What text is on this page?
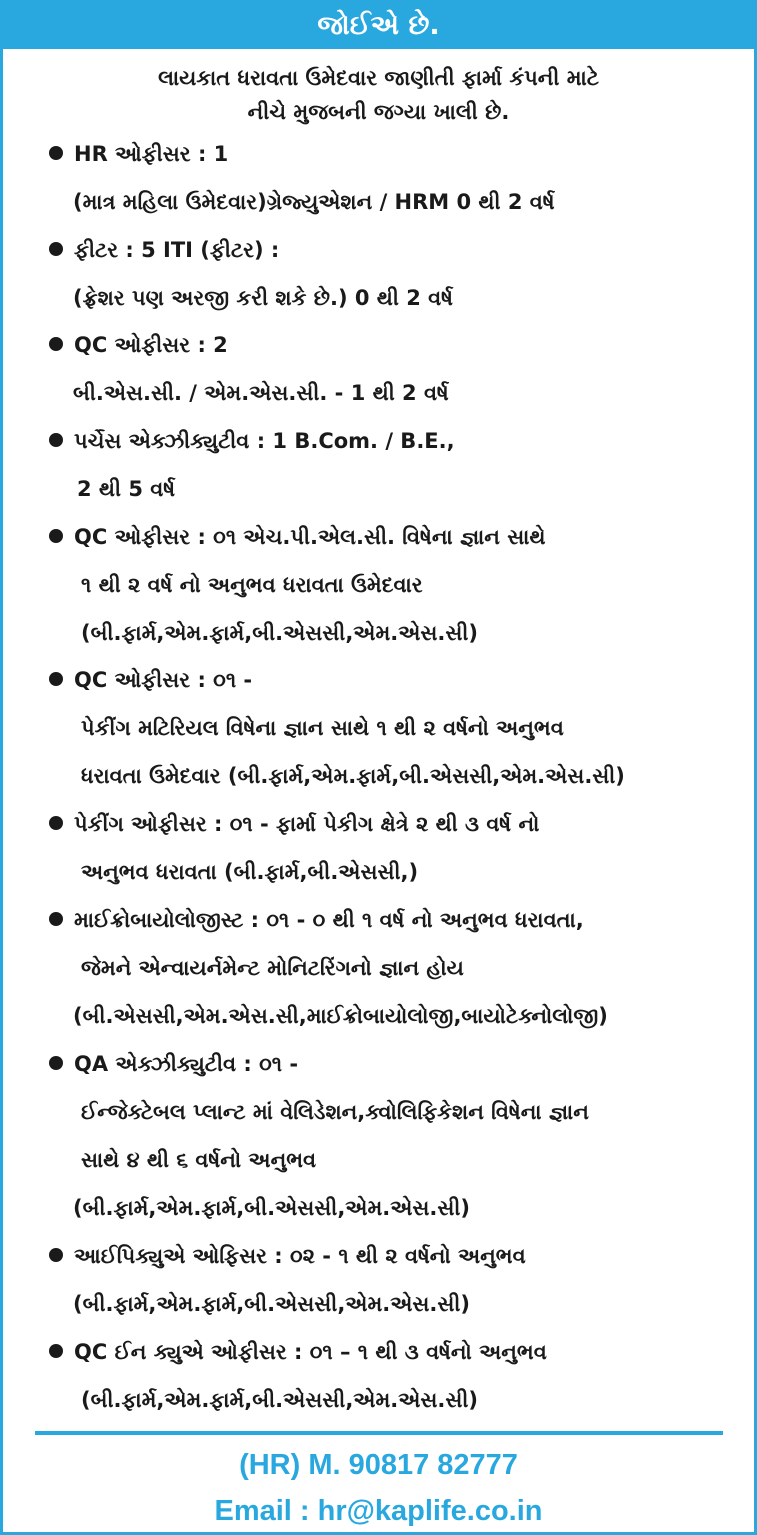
જોઈએ છે.
લાયકાત ધરાવતા ઉમેદવાર જાણીતી ફાર્મા કંપની માટે
નીચે મુજબની જગ્યા ખાલી છે.
HR ઓફીસર : 1
(માત્ર મહિલા ઉમેદવાર)ગ્રેજ્યુએશન / HRM 0 થી 2 વર્ષ
ફીટર : 5 ITI (ફીટર) :
(ફ્રેશર પણ અરજી કરી શકે છે.) 0 થી 2 વર્ષ
QC ઓફીસર : 2
બી.એસ.સી. / એમ.એસ.સી. - 1 થી 2 વર્ષ
પર્ચેસ એક્ઝીક્યુટીવ : 1 B.Com. / B.E.,
2 થી 5 વર્ષ
QC ઓફીસર : ૦૧ એચ.પી.એલ.સી. વિષેના જ્ઞાન સાથે
૧ થી ૨ વર્ષ નો અનુભવ ધરાવતા ઉમેદવાર
(બી.ફાર્મ,એમ.ફાર્મ,બી.એસસી,એમ.એસ.સી)
QC ઓફીસર : ૦૧ -
પેકીંગ મટિરિયલ વિષેના જ્ઞાન સાથે ૧ થી ૨ વર્ષનો અનુભવ
ધરાવતા ઉમેદવાર (બી.ફાર્મ,એમ.ફાર્મ,બી.એસસી,એમ.એસ.સી)
પેકીંગ ઓફીસર : ૦૧ - ફાર્મા પેકીગ ક્ષેત્રે ૨ થી ૩ વર્ષ નો
અનુભવ ધરાવતા (બી.ફાર્મ,બી.એસસી,)
માઈક્રોબાયોલોજીસ્ટ : ૦૧ - ૦ થી ૧ વર્ષ નો અનુભવ ધરાવતા,
જેમને એન્વાયર્નમેન્ટ મોનિટરિંગનો જ્ઞાન હોય
(બી.એસસી,એમ.એસ.સી,માઈક્રોબાયોલોજી,બાયોટેક્નોલોજી)
QA એક્ઝીક્યુટીવ : ૦૧ -
ઈન્જેક્ટેબલ પ્લાન્ટ માં વેલિડેશન,ક્વોલિફિકેશન વિષેના જ્ઞાન
સાથે ૪ થી ૬ વર્ષનો અનુભવ
(બી.ફાર્મ,એમ.ફાર્મ,બી.એસસી,એમ.એસ.સી)
આઈપિક્યુએ ઓફિસર : ૦૨ - ૧ થી ૨ વર્ષનો અનુભવ
(બી.ફાર્મ,એમ.ફાર્મ,બી.એસસી,એમ.એસ.સી)
QC ઈન ક્યુએ ઓફીસર : ૦૧ – ૧ થી ૩ વર્ષનો અનુભવ
(બી.ફાર્મ,એમ.ફાર્મ,બી.એસસી,એમ.એસ.સી)
(HR) M. 90817 82777
Email : hr@kaplife.co.in
